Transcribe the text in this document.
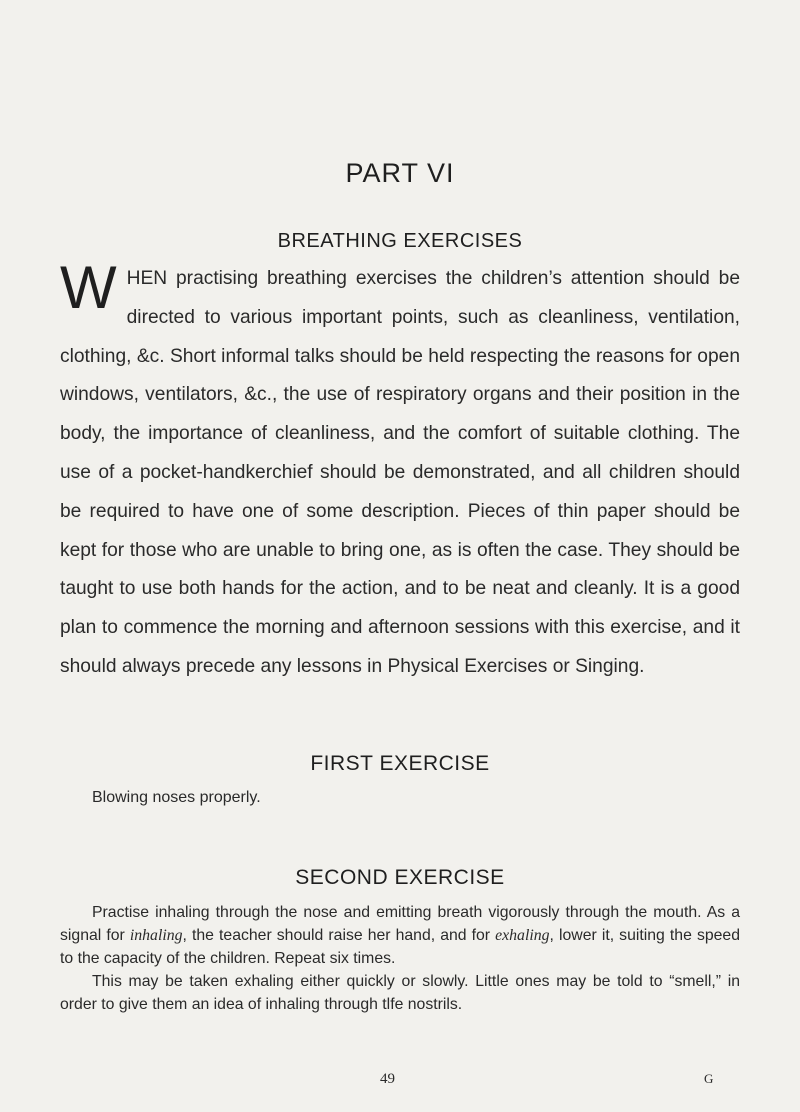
PART VI
BREATHING EXERCISES
W HEN practising breathing exercises the children’s attention should be directed to various important points, such as cleanliness, ventilation, clothing, &c. Short informal talks should be held respecting the reasons for open windows, ventilators, &c., the use of respiratory organs and their position in the body, the importance of cleanliness, and the comfort of suitable clothing. The use of a pocket-handkerchief should be demonstrated, and all children should be required to have one of some description. Pieces of thin paper should be kept for those who are unable to bring one, as is often the case. They should be taught to use both hands for the action, and to be neat and cleanly. It is a good plan to commence the morning and afternoon sessions with this exercise, and it should always precede any lessons in Physical Exercises or Singing.
FIRST EXERCISE
Blowing noses properly.
SECOND EXERCISE

Practise inhaling through the nose and emitting breath vigorously through the mouth. As a signal for inhaling, the teacher should raise her hand, and for exhaling, lower it, suiting the speed to the capacity of the children. Repeat six times.

This may be taken exhaling either quickly or slowly. Little ones may be told to “smell,” in order to give them an idea of inhaling through tlfe nostrils.

49	G
